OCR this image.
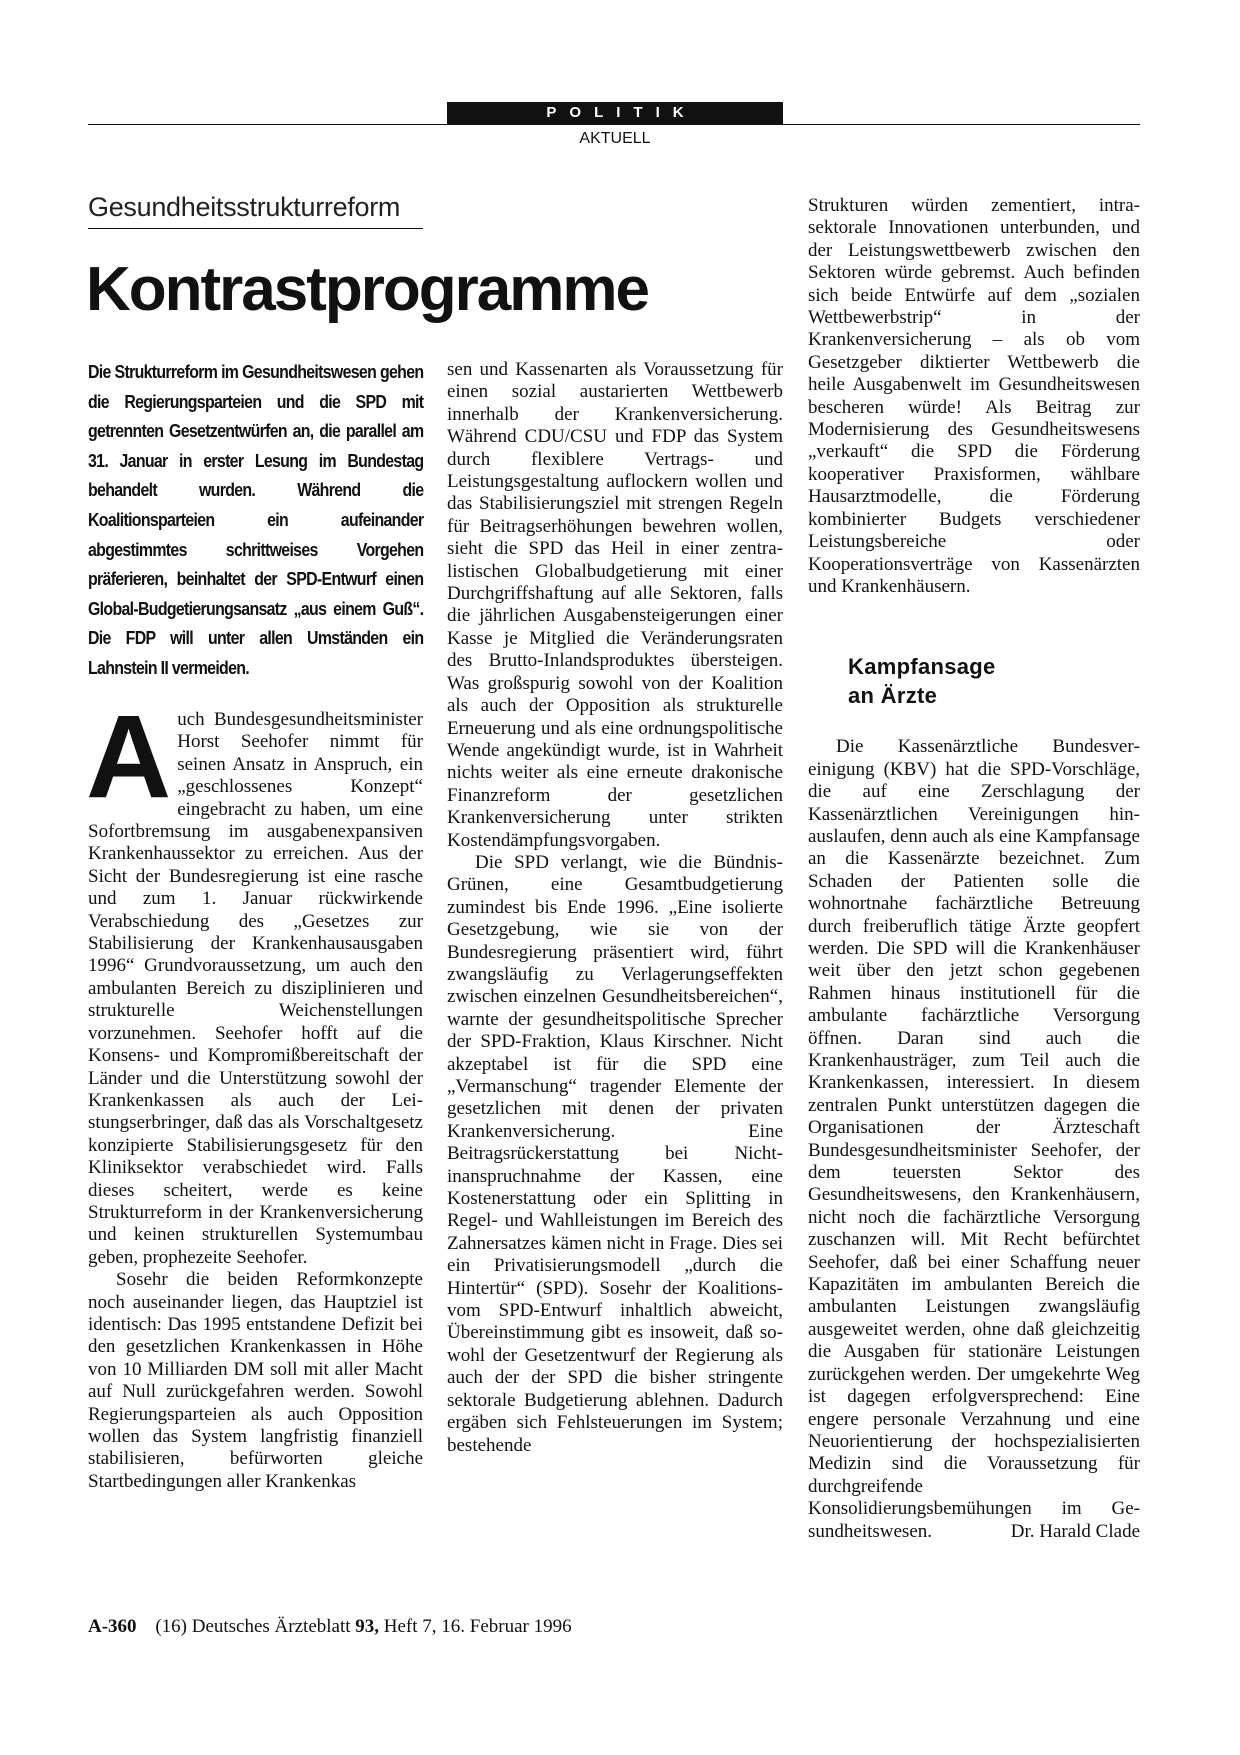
POLITIK
AKTUELL
Gesundheitsstrukturreform
Kontrastprogramme
Die Strukturreform im Gesundheitswesen gehen die Regierungsparteien und die SPD mit getrennten Gesetzentwürfen an, die parallel am 31. Januar in erster Lesung im Bundestag behandelt wurden. Während die Koalitionsparteien ein aufeinander abgestimmtes schrittweises Vorgehen präferieren, beinhaltet der SPD-Entwurf einen Global-Budgetierungsansatz „aus einem Guß“. Die FDP will unter allen Umständen ein Lahnstein II vermeiden.

Auch Bundesgesundheitsminister Horst Seehofer nimmt für seinen Ansatz in Anspruch, ein „geschlossenes Konzept“ eingebracht zu haben, um eine Sofortbremsung im ausgabenexpansiven Krankenhaussektor zu erreichen. Aus der Sicht der Bundesregierung ist eine rasche und zum 1. Januar rückwirkende Verabschiedung des „Gesetzes zur Stabilisierung der Krankenhausausgaben 1996“ Grundvoraussetzung, um auch den ambulanten Bereich zu disziplinieren und strukturelle Weichenstellungen vorzunehmen. Seehofer hofft auf die Konsens- und Kompromißbereitschaft der Länder und die Unterstützung sowohl der Krankenkassen als auch der Leistungserbringer, daß das als Vorschaltgesetz konzipierte Stabilisierungsgesetz für den Kliniksektor verabschiedet wird. Falls dieses scheitert, werde es keine Strukturreform in der Krankenversicherung und keinen strukturellen Systemumbau geben, prophezeite Seehofer.

Sosehr die beiden Reformkonzepte noch auseinander liegen, das Hauptziel ist identisch: Das 1995 entstandene Defizit bei den gesetzlichen Krankenkassen in Höhe von 10 Milliarden DM soll mit aller Macht auf Null zurückgefahren werden. Sowohl Regierungsparteien als auch Opposition wollen das System langfristig finanziell stabilisieren, befürworten gleiche Startbedingungen aller Krankenkas

sen und Kassenarten als Voraussetzung für einen sozial austarierten Wettbewerb innerhalb der Krankenversicherung. Während CDU/CSU und FDP das System durch flexiblere Vertrags- und Leistungsgestaltung auflockern wollen und das Stabilisierungsziel mit strengen Regeln für Beitragserhöhungen bewehren wollen, sieht die SPD das Heil in einer zentralistischen Globalbudgetierung mit einer Durchgriffshaftung auf alle Sektoren, falls die jährlichen Ausgabensteigerungen einer Kasse je Mitglied die Veränderungsraten des Brutto-Inlandsproduktes übersteigen. Was großspurig sowohl von der Koalition als auch der Opposition als strukturelle Erneuerung und als eine ordnungspolitische Wende angekündigt wurde, ist in Wahrheit nichts weiter als eine erneute drakonische Finanzreform der gesetzlichen Krankenversicherung unter strikten Kostendämpfungsvorgaben.

Die SPD verlangt, wie die Bündnis-Grünen, eine Gesamtbudgetierung zumindest bis Ende 1996. „Eine isolierte Gesetzgebung, wie sie von der Bundesregierung präsentiert wird, führt zwangsläufig zu Verlagerungseffekten zwischen einzelnen Gesundheitsbereichen“, warnte der gesundheitspolitische Sprecher der SPD-Fraktion, Klaus Kirschner. Nicht akzeptabel ist für die SPD eine „Vermanschung“ tragender Elemente der gesetzlichen mit denen der privaten Krankenversicherung. Eine Beitragsrückerstattung bei Nichtinanspruchnahme der Kassen, eine Kostenerstattung oder ein Splitting in Regel- und Wahlleistungen im Bereich des Zahnersatzes kämen nicht in Frage. Dies sei ein Privatisierungsmodell „durch die Hintertür“ (SPD). Sosehr der Koalitions- vom SPD-Entwurf inhaltlich abweicht, Übereinstimmung gibt es insoweit, daß sowohl der Gesetzentwurf der Regierung als auch der der SPD die bisher stringente sektorale Budgetierung ablehnen. Dadurch ergäben sich Fehlsteuerungen im System; bestehende

Strukturen würden zementiert, intrasektorale Innovationen unterbunden, und der Leistungswettbewerb zwischen den Sektoren würde gebremst. Auch befinden sich beide Entwürfe auf dem „sozialen Wettbewerbstrip“ in der Krankenversicherung – als ob vom Gesetzgeber diktierter Wettbewerb die heile Ausgabenwelt im Gesundheitswesen bescheren würde! Als Beitrag zur Modernisierung des Gesundheitswesens „verkauft“ die SPD die Förderung kooperativer Praxisformen, wählbare Hausarztmodelle, die Förderung kombinierter Budgets verschiedener Leistungsbereiche oder Kooperationsverträge von Kassenärzten und Krankenhäusern.

Kampfansage
an Ärzte

Die Kassenärztliche Bundesvereinigung (KBV) hat die SPD-Vorschläge, die auf eine Zerschlagung der Kassenärztlichen Vereinigungen hinauslaufen, denn auch als eine Kampfansage an die Kassenärzte bezeichnet. Zum Schaden der Patienten solle die wohnortnahe fachärztliche Betreuung durch freiberuflich tätige Ärzte geopfert werden. Die SPD will die Krankenhäuser weit über den jetzt schon gegebenen Rahmen hinaus institutionell für die ambulante fachärztliche Versorgung öffnen. Daran sind auch die Krankenhausträger, zum Teil auch die Krankenkassen, interessiert. In diesem zentralen Punkt unterstützen dagegen die Organisationen der Ärzteschaft Bundesgesundheitsminister Seehofer, der dem teuersten Sektor des Gesundheitswesens, den Krankenhäusern, nicht noch die fachärztliche Versorgung zuschanzen will. Mit Recht befürchtet Seehofer, daß bei einer Schaffung neuer Kapazitäten im ambulanten Bereich die ambulanten Leistungen zwangsläufig ausgeweitet werden, ohne daß gleichzeitig die Ausgaben für stationäre Leistungen zurückgehen werden. Der umgekehrte Weg ist dagegen erfolgversprechend: Eine engere personale Verzahnung und eine Neuorientierung der hochspezialisierten Medizin sind die Voraussetzung für durchgreifende Konsolidierungsbemühungen im Gesundheitswesen.	Dr. Harald Clade

A-360 (16) Deutsches Ärzteblatt 93, Heft 7, 16. Februar 1996
